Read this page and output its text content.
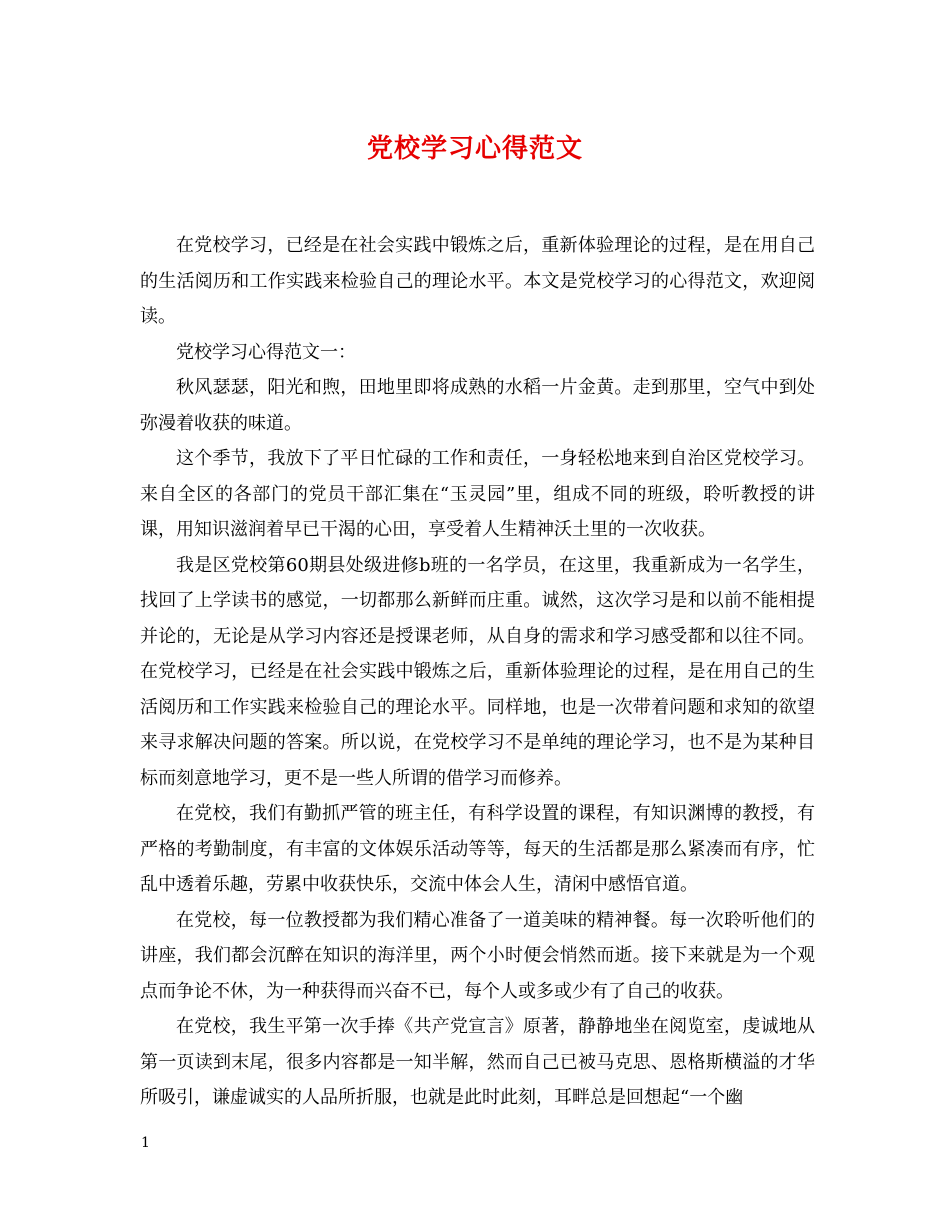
党校学习心得范文

在党校学习，已经是在社会实践中锻炼之后，重新体验理论的过程，是在用自己的生活阅历和工作实践来检验自己的理论水平。本文是党校学习的心得范文，欢迎阅读。

党校学习心得范文一：

秋风瑟瑟，阳光和煦，田地里即将成熟的水稻一片金黄。走到那里，空气中到处弥漫着收获的味道。

这个季节，我放下了平日忙碌的工作和责任，一身轻松地来到自治区党校学习。来自全区的各部门的党员干部汇集在“玉灵园”里，组成不同的班级，聆听教授的讲课，用知识滋润着早已干渴的心田，享受着人生精神沃土里的一次收获。

我是区党校第60期县处级进修b班的一名学员，在这里，我重新成为一名学生，找回了上学读书的感觉，一切都那么新鲜而庄重。诚然，这次学习是和以前不能相提并论的，无论是从学习内容还是授课老师，从自身的需求和学习感受都和以往不同。在党校学习，已经是在社会实践中锻炼之后，重新体验理论的过程，是在用自己的生活阅历和工作实践来检验自己的理论水平。同样地，也是一次带着问题和求知的欲望来寻求解决问题的答案。所以说，在党校学习不是单纯的理论学习，也不是为某种目标而刻意地学习，更不是一些人所谓的借学习而修养。

在党校，我们有勤抓严管的班主任，有科学设置的课程，有知识渊博的教授，有严格的考勤制度，有丰富的文体娱乐活动等等，每天的生活都是那么紧凑而有序，忙乱中透着乐趣，劳累中收获快乐，交流中体会人生，清闲中感悟官道。

在党校，每一位教授都为我们精心准备了一道美味的精神餐。每一次聆听他们的讲座，我们都会沉醉在知识的海洋里，两个小时便会悄然而逝。接下来就是为一个观点而争论不休，为一种获得而兴奋不已，每个人或多或少有了自己的收获。

在党校，我生平第一次手捧《共产党宣言》原著，静静地坐在阅览室，虔诚地从第一页读到末尾，很多内容都是一知半解，然而自己已被马克思、恩格斯横溢的才华所吸引，谦虚诚实的人品所折服，也就是此时此刻，耳畔总是回想起“一个幽

1
